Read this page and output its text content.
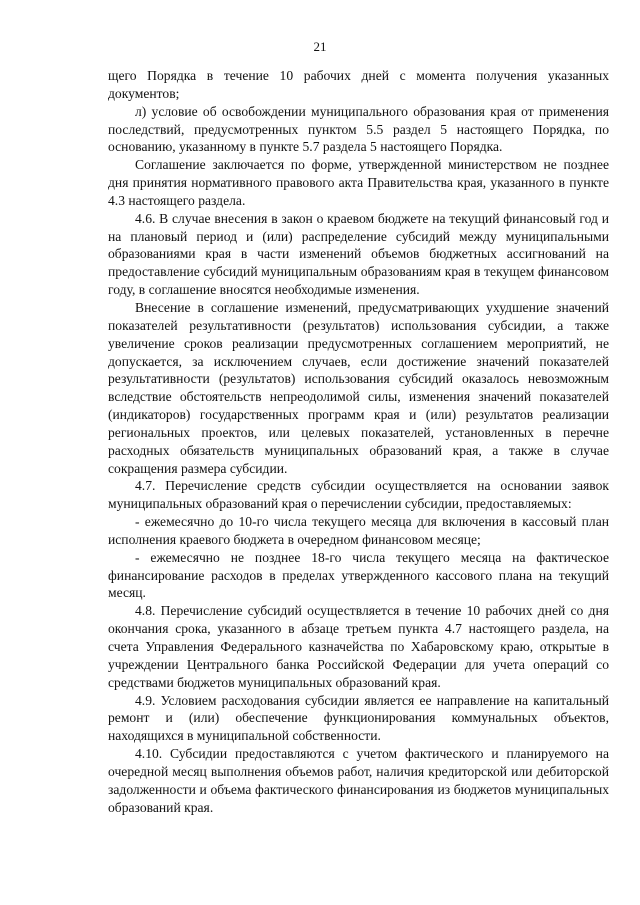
21

щего Порядка в течение 10 рабочих дней с момента получения указанных документов;

л) условие об освобождении муниципального образования края от применения последствий, предусмотренных пунктом 5.5 раздел 5 настоящего Порядка, по основанию, указанному в пункте 5.7 раздела 5 настоящего Порядка.

Соглашение заключается по форме, утвержденной министерством не позднее дня принятия нормативного правового акта Правительства края, указанного в пункте 4.3 настоящего раздела.

4.6. В случае внесения в закон о краевом бюджете на текущий финансовый год и на плановый период и (или) распределение субсидий между муниципальными образованиями края в части изменений объемов бюджетных ассигнований на предоставление субсидий муниципальным образованиям края в текущем финансовом году, в соглашение вносятся необходимые изменения.

Внесение в соглашение изменений, предусматривающих ухудшение значений показателей результативности (результатов) использования субсидии, а также увеличение сроков реализации предусмотренных соглашением мероприятий, не допускается, за исключением случаев, если достижение значений показателей результативности (результатов) использования субсидий оказалось невозможным вследствие обстоятельств непреодолимой силы, изменения значений показателей (индикаторов) государственных программ края и (или) результатов реализации региональных проектов, или целевых показателей, установленных в перечне расходных обязательств муниципальных образований края, а также в случае сокращения размера субсидии.

4.7. Перечисление средств субсидии осуществляется на основании заявок муниципальных образований края о перечислении субсидии, предоставляемых:

- ежемесячно до 10-го числа текущего месяца для включения в кассовый план исполнения краевого бюджета в очередном финансовом месяце;

- ежемесячно не позднее 18-го числа текущего месяца на фактическое финансирование расходов в пределах утвержденного кассового плана на текущий месяц.

4.8. Перечисление субсидий осуществляется в течение 10 рабочих дней со дня окончания срока, указанного в абзаце третьем пункта 4.7 настоящего раздела, на счета Управления Федерального казначейства по Хабаровскому краю, открытые в учреждении Центрального банка Российской Федерации для учета операций со средствами бюджетов муниципальных образований края.

4.9. Условием расходования субсидии является ее направление на капитальный ремонт и (или) обеспечение функционирования коммунальных объектов, находящихся в муниципальной собственности.

4.10. Субсидии предоставляются с учетом фактического и планируемого на очередной месяц выполнения объемов работ, наличия кредиторской или дебиторской задолженности и объема фактического финансирования из бюджетов муниципальных образований края.
